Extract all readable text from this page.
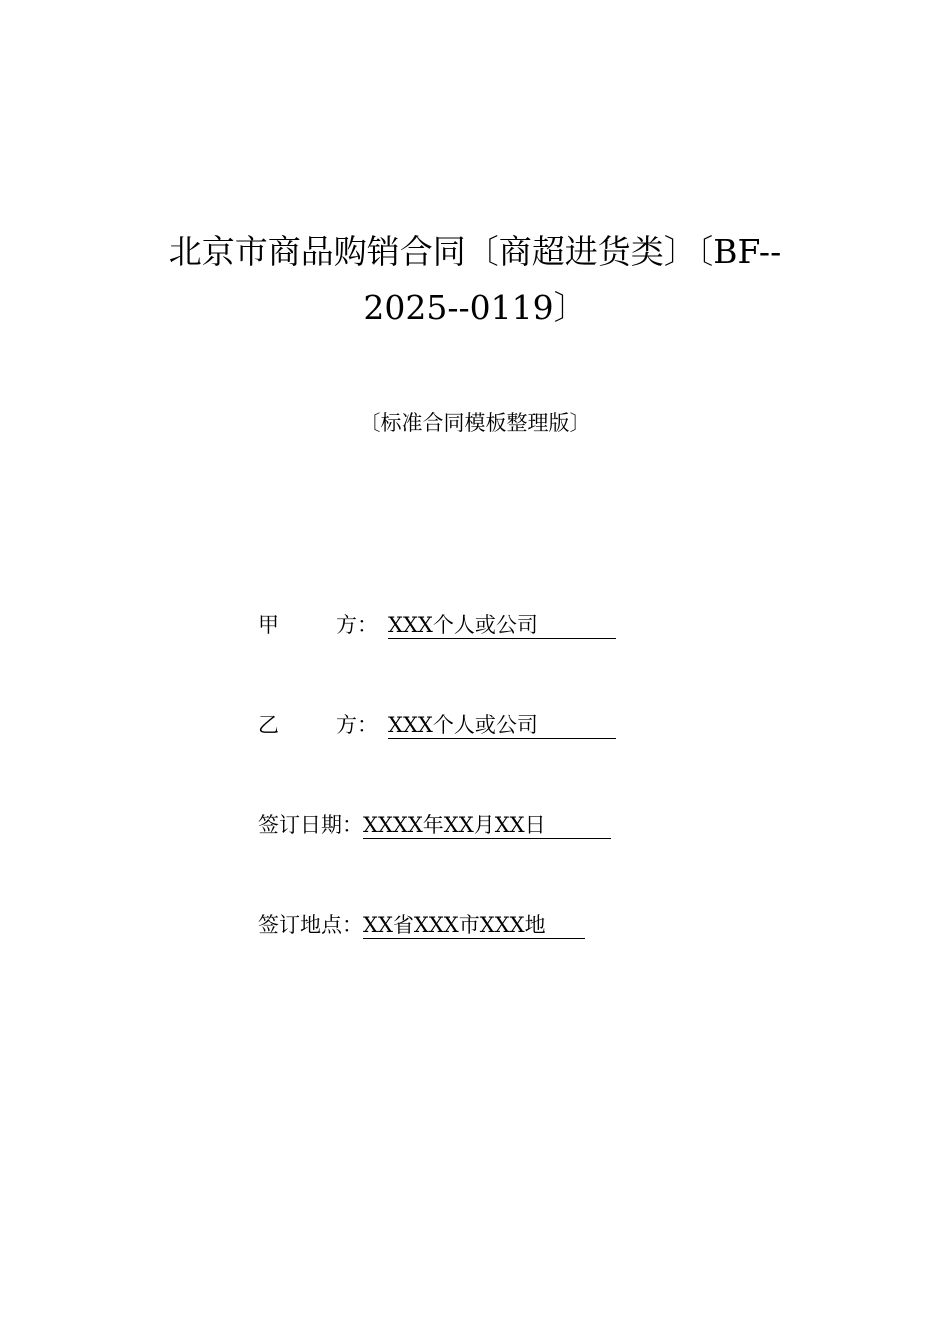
北京市商品购销合同〔商超进货类〕〔BF--
2025--0119〕
〔标准合同模板整理版〕
甲	方： XXX个人或公司
乙	方： XXX个人或公司
签订日期：XXXX年XX月XX日
签订地点：XX省XXX市XXX地
